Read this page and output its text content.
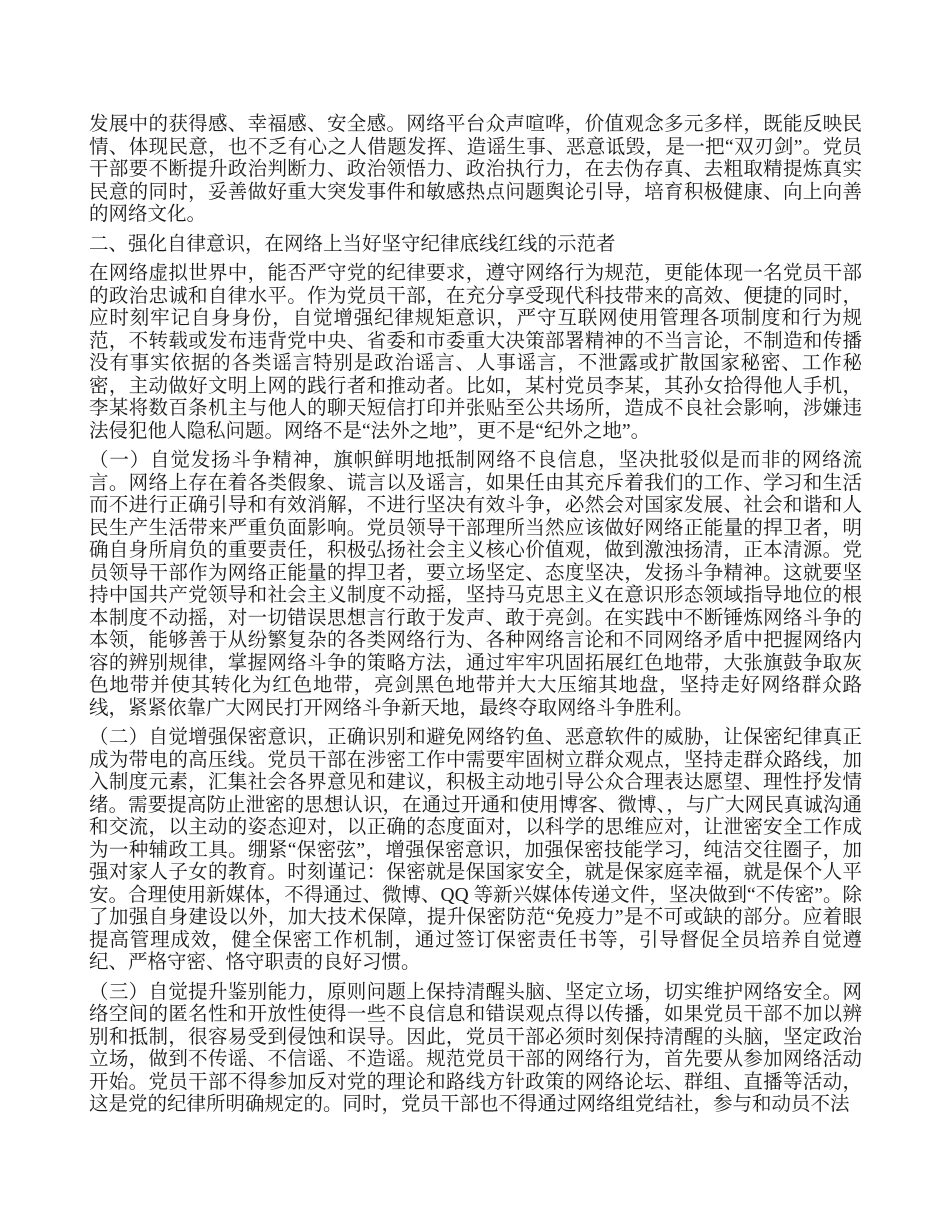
发展中的获得感、幸福感、安全感。网络平台众声喧哗，价值观念多元多样，既能反映民情、体现民意，也不乏有心之人借题发挥、造谣生事、恶意诋毁，是一把“双刃剑”。党员干部要不断提升政治判断力、政治领悟力、政治执行力，在去伪存真、去粗取精提炼真实民意的同时，妥善做好重大突发事件和敏感热点问题舆论引导，培育积极健康、向上向善的网络文化。

二、强化自律意识，在网络上当好坚守纪律底线红线的示范者

在网络虚拟世界中，能否严守党的纪律要求，遵守网络行为规范，更能体现一名党员干部的政治忠诚和自律水平。作为党员干部，在充分享受现代科技带来的高效、便捷的同时，应时刻牢记自身身份，自觉增强纪律规矩意识，严守互联网使用管理各项制度和行为规范，不转载或发布违背党中央、省委和市委重大决策部署精神的不当言论，不制造和传播没有事实依据的各类谣言特别是政治谣言、人事谣言，不泄露或扩散国家秘密、工作秘密，主动做好文明上网的践行者和推动者。比如，某村党员李某，其孙女拾得他人手机，李某将数百条机主与他人的聊天短信打印并张贴至公共场所，造成不良社会影响，涉嫌违法侵犯他人隐私问题。网络不是“法外之地”，更不是“纪外之地”。

（一）自觉发扬斗争精神，旗帜鲜明地抵制网络不良信息，坚决批驳似是而非的网络流言。网络上存在着各类假象、谎言以及谣言，如果任由其充斥着我们的工作、学习和生活而不进行正确引导和有效消解，不进行坚决有效斗争，必然会对国家发展、社会和谐和人民生产生活带来严重负面影响。党员领导干部理所当然应该做好网络正能量的捍卫者，明确自身所肩负的重要责任，积极弘扬社会主义核心价值观，做到激浊扬清，正本清源。党员领导干部作为网络正能量的捍卫者，要立场坚定、态度坚决，发扬斗争精神。这就要坚持中国共产党领导和社会主义制度不动摇，坚持马克思主义在意识形态领域指导地位的根本制度不动摇，对一切错误思想言行敢于发声、敢于亮剑。在实践中不断锤炼网络斗争的本领，能够善于从纷繁复杂的各类网络行为、各种网络言论和不同网络矛盾中把握网络内容的辨别规律，掌握网络斗争的策略方法，通过牢牢巩固拓展红色地带，大张旗鼓争取灰色地带并使其转化为红色地带，亮剑黑色地带并大大压缩其地盘，坚持走好网络群众路线，紧紧依靠广大网民打开网络斗争新天地，最终夺取网络斗争胜利。

（二）自觉增强保密意识，正确识别和避免网络钓鱼、恶意软件的威胁，让保密纪律真正成为带电的高压线。党员干部在涉密工作中需要牢固树立群众观点，坚持走群众路线，加入制度元素，汇集社会各界意见和建议，积极主动地引导公众合理表达愿望、理性抒发情绪。需要提高防止泄密的思想认识，在通过开通和使用博客、微博、，与广大网民真诚沟通和交流，以主动的姿态迎对，以正确的态度面对，以科学的思维应对，让泄密安全工作成为一种辅政工具。绷紧“保密弦”，增强保密意识，加强保密技能学习，纯洁交往圈子，加强对家人子女的教育。时刻谨记：保密就是保国家安全，就是保家庭幸福，就是保个人平安。合理使用新媒体，不得通过、微博、QQ 等新兴媒体传递文件，坚决做到“不传密”。除了加强自身建设以外，加大技术保障，提升保密防范“免疫力”是不可或缺的部分。应着眼提高管理成效，健全保密工作机制，通过签订保密责任书等，引导督促全员培养自觉遵纪、严格守密、恪守职责的良好习惯。

（三）自觉提升鉴别能力，原则问题上保持清醒头脑、坚定立场，切实维护网络安全。网络空间的匿名性和开放性使得一些不良信息和错误观点得以传播，如果党员干部不加以辨别和抵制，很容易受到侵蚀和误导。因此，党员干部必须时刻保持清醒的头脑，坚定政治立场，做到不传谣、不信谣、不造谣。规范党员干部的网络行为，首先要从参加网络活动开始。党员干部不得参加反对党的理论和路线方针政策的网络论坛、群组、直播等活动，这是党的纪律所明确规定的。同时，党员干部也不得通过网络组党结社，参与和动员不法
